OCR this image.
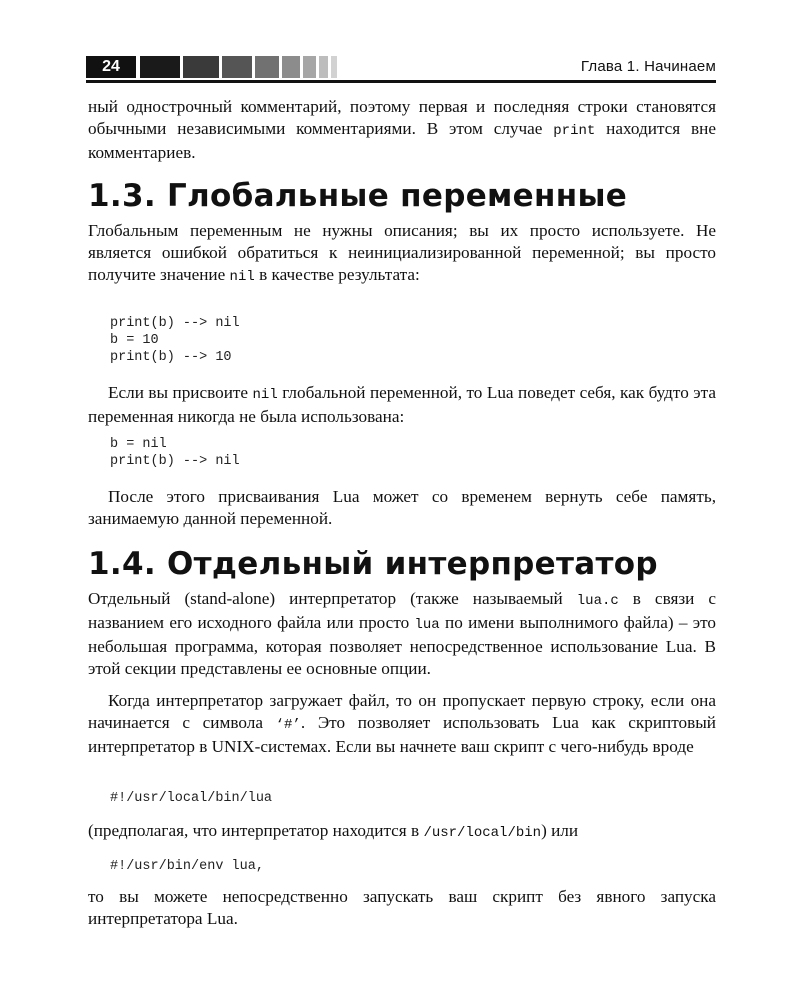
24	Глава 1. Начинаем

ный однострочный комментарий, поэтому первая и последняя строки становятся обычными независимыми комментариями. В этом случае print находится вне комментариев.

1.3. Глобальные переменные

Глобальным переменным не нужны описания; вы их просто используете. Не является ошибкой обратиться к неинициализированной переменной; вы просто получите значение nil в качестве результата:

print(b) --> nil
b = 10
print(b) --> 10

Если вы присвоите nil глобальной переменной, то Lua поведет себя, как будто эта переменная никогда не была использована:

b = nil
print(b) --> nil

После этого присваивания Lua может со временем вернуть себе память, занимаемую данной переменной.

1.4. Отдельный интерпретатор

Отдельный (stand-alone) интерпретатор (также называемый lua.c в связи с названием его исходного файла или просто lua по имени выполнимого файла) – это небольшая программа, которая позволяет непосредственное использование Lua. В этой секции представлены ее основные опции.

Когда интерпретатор загружает файл, то он пропускает первую строку, если она начинается с символа ‘#’. Это позволяет использовать Lua как скриптовый интерпретатор в UNIX-системах. Если вы начнете ваш скрипт с чего-нибудь вроде

#!/usr/local/bin/lua

(предполагая, что интерпретатор находится в /usr/local/bin) или

#!/usr/bin/env lua,

то вы можете непосредственно запускать ваш скрипт без явного запуска интерпретатора Lua.
